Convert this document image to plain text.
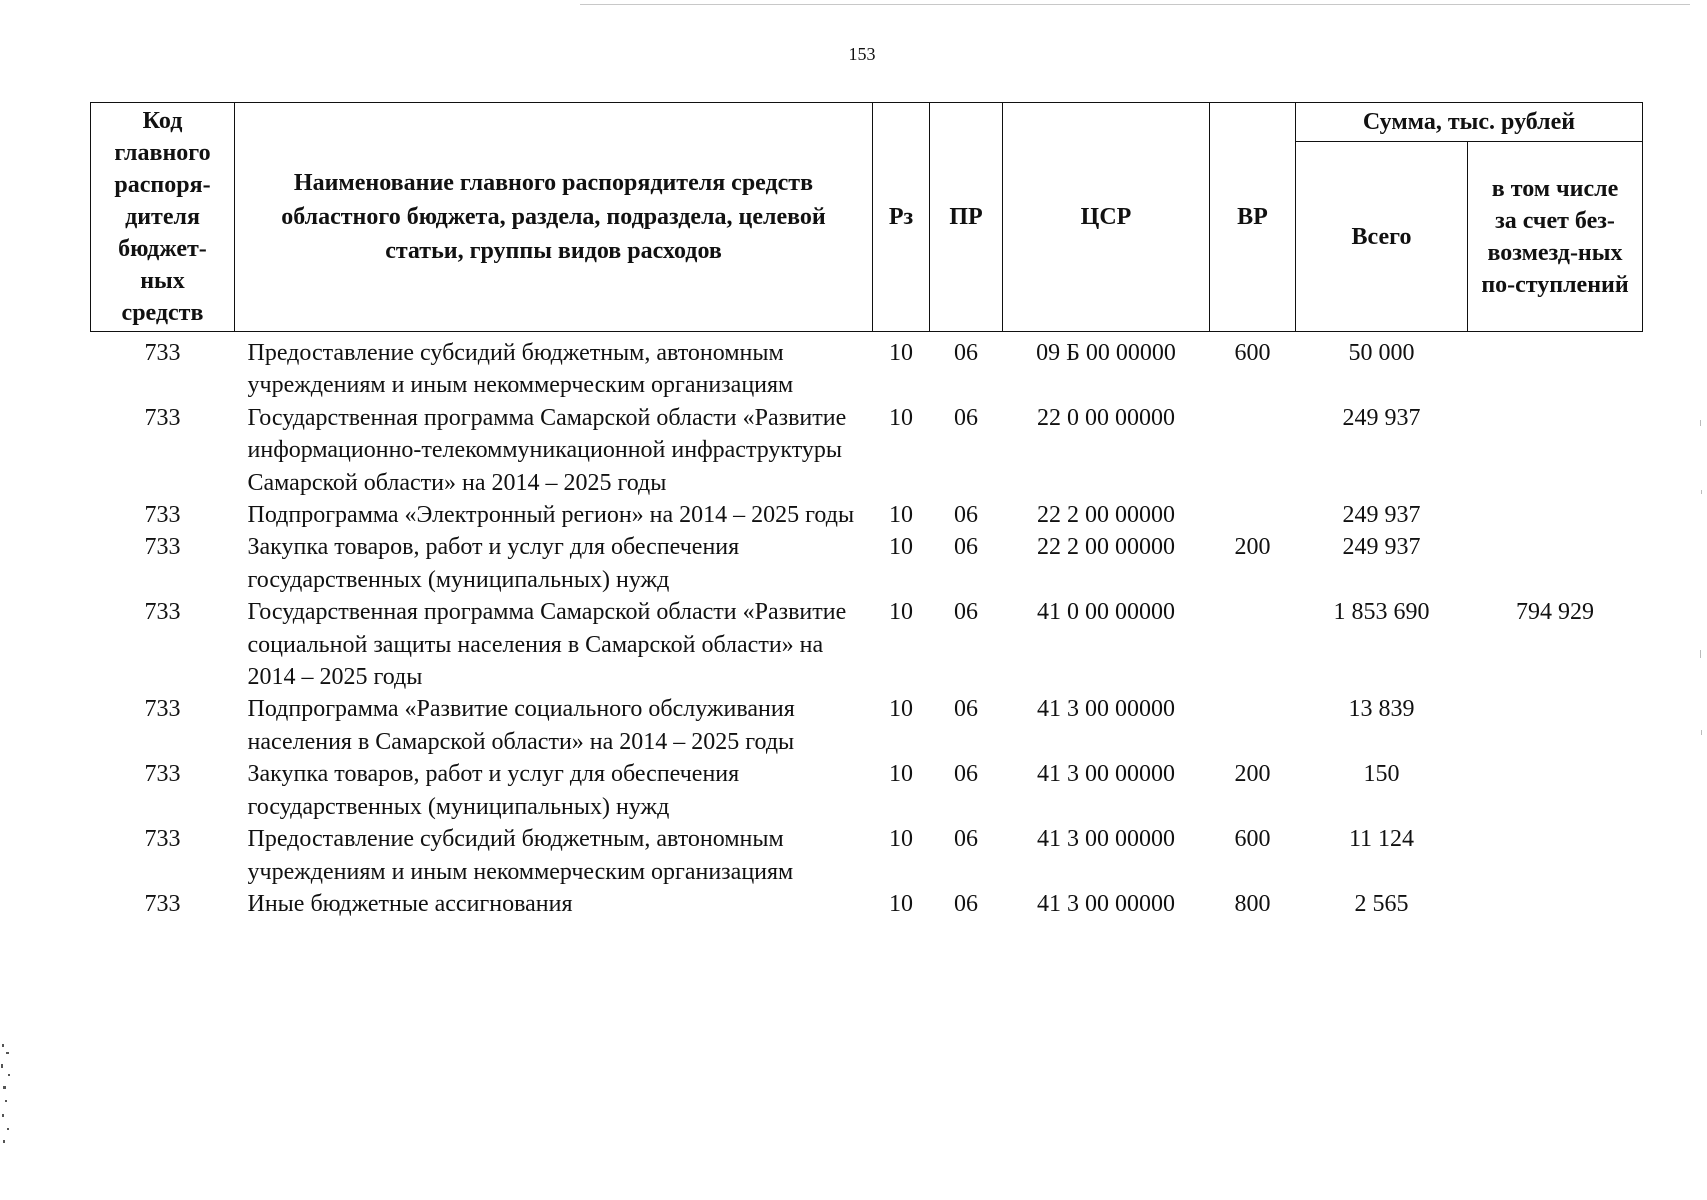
153
Код главного распоря-дителя бюджет-ных средств	Наименование главного распорядителя средств областного бюджета, раздела, подраздела, целевой статьи, группы видов расходов	Рз	ПР	ЦСР	ВР	Сумма, тыс. рублей	
						Всего	в том числе за счет без-возмезд-ных по-ступлений

733	Предоставление субсидий бюджетным, автономным учреждениям и иным некоммерческим организациям	10	06	09 Б 00 00000	600	50 000	
733	Государственная программа Самарской области «Развитие информационно-телекоммуникационной инфраструктуры Самарской области» на 2014 – 2025 годы	10	06	22 0 00 00000		249 937	
733	Подпрограмма «Электронный регион» на 2014 – 2025 годы	10	06	22 2 00 00000		249 937	
733	Закупка товаров, работ и услуг для обеспечения государственных (муниципальных) нужд	10	06	22 2 00 00000	200	249 937	
733	Государственная программа Самарской области «Развитие социальной защиты населения в Самарской области» на 2014 – 2025 годы	10	06	41 0 00 00000		1 853 690	794 929
733	Подпрограмма «Развитие социального обслуживания населения в Самарской области» на 2014 – 2025 годы	10	06	41 3 00 00000		13 839	
733	Закупка товаров, работ и услуг для обеспечения государственных (муниципальных) нужд	10	06	41 3 00 00000	200	150	
733	Предоставление субсидий бюджетным, автономным учреждениям и иным некоммерческим организациям	10	06	41 3 00 00000	600	11 124	
733	Иные бюджетные ассигнования	10	06	41 3 00 00000	800	2 565	
